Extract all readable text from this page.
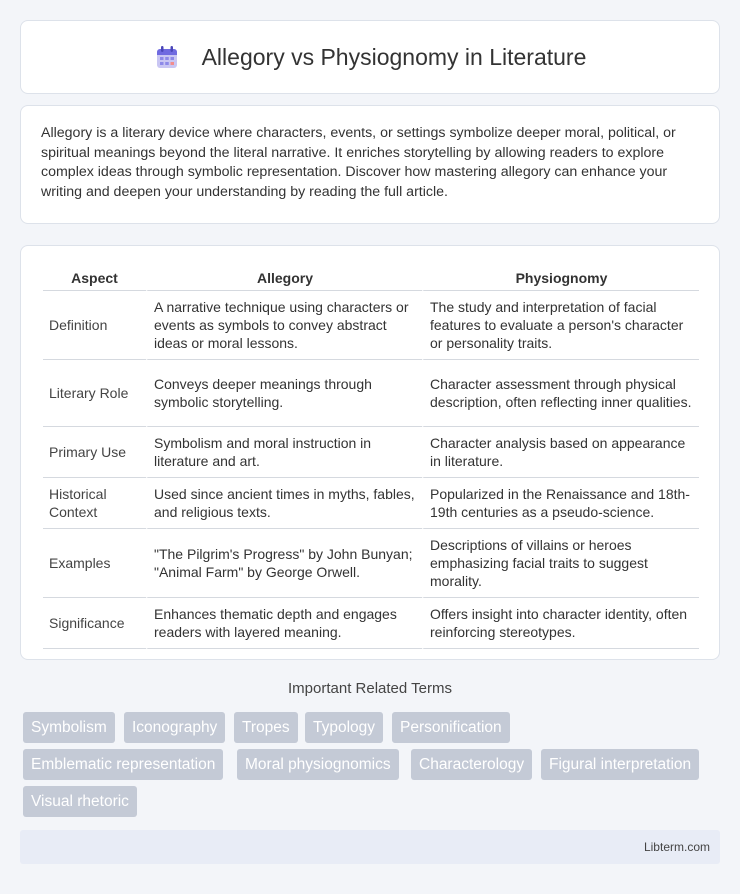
Allegory vs Physiognomy in Literature

Allegory is a literary device where characters, events, or settings symbolize deeper moral, political, or spiritual meanings beyond the literal narrative. It enriches storytelling by allowing readers to explore complex ideas through symbolic representation. Discover how mastering allegory can enhance your writing and deepen your understanding by reading the full article.

Aspect	Allegory	Physiognomy
Definition	A narrative technique using characters or events as symbols to convey abstract ideas or moral lessons.	The study and interpretation of facial features to evaluate a person's character or personality traits.
Literary Role	Conveys deeper meanings through symbolic storytelling.	Character assessment through physical description, often reflecting inner qualities.
Primary Use	Symbolism and moral instruction in literature and art.	Character analysis based on appearance in literature.
Historical Context	Used since ancient times in myths, fables, and religious texts.	Popularized in the Renaissance and 18th-19th centuries as a pseudo-science.
Examples	"The Pilgrim's Progress" by John Bunyan; "Animal Farm" by George Orwell.	Descriptions of villains or heroes emphasizing facial traits to suggest morality.
Significance	Enhances thematic depth and engages readers with layered meaning.	Offers insight into character identity, often reinforcing stereotypes.
Important Related Terms
Symbolism	Iconography	Tropes	Typology	Personification
Emblematic representation	Moral physiognomics	Characterology	Figural interpretation
Visual rhetoric
Libterm.com
